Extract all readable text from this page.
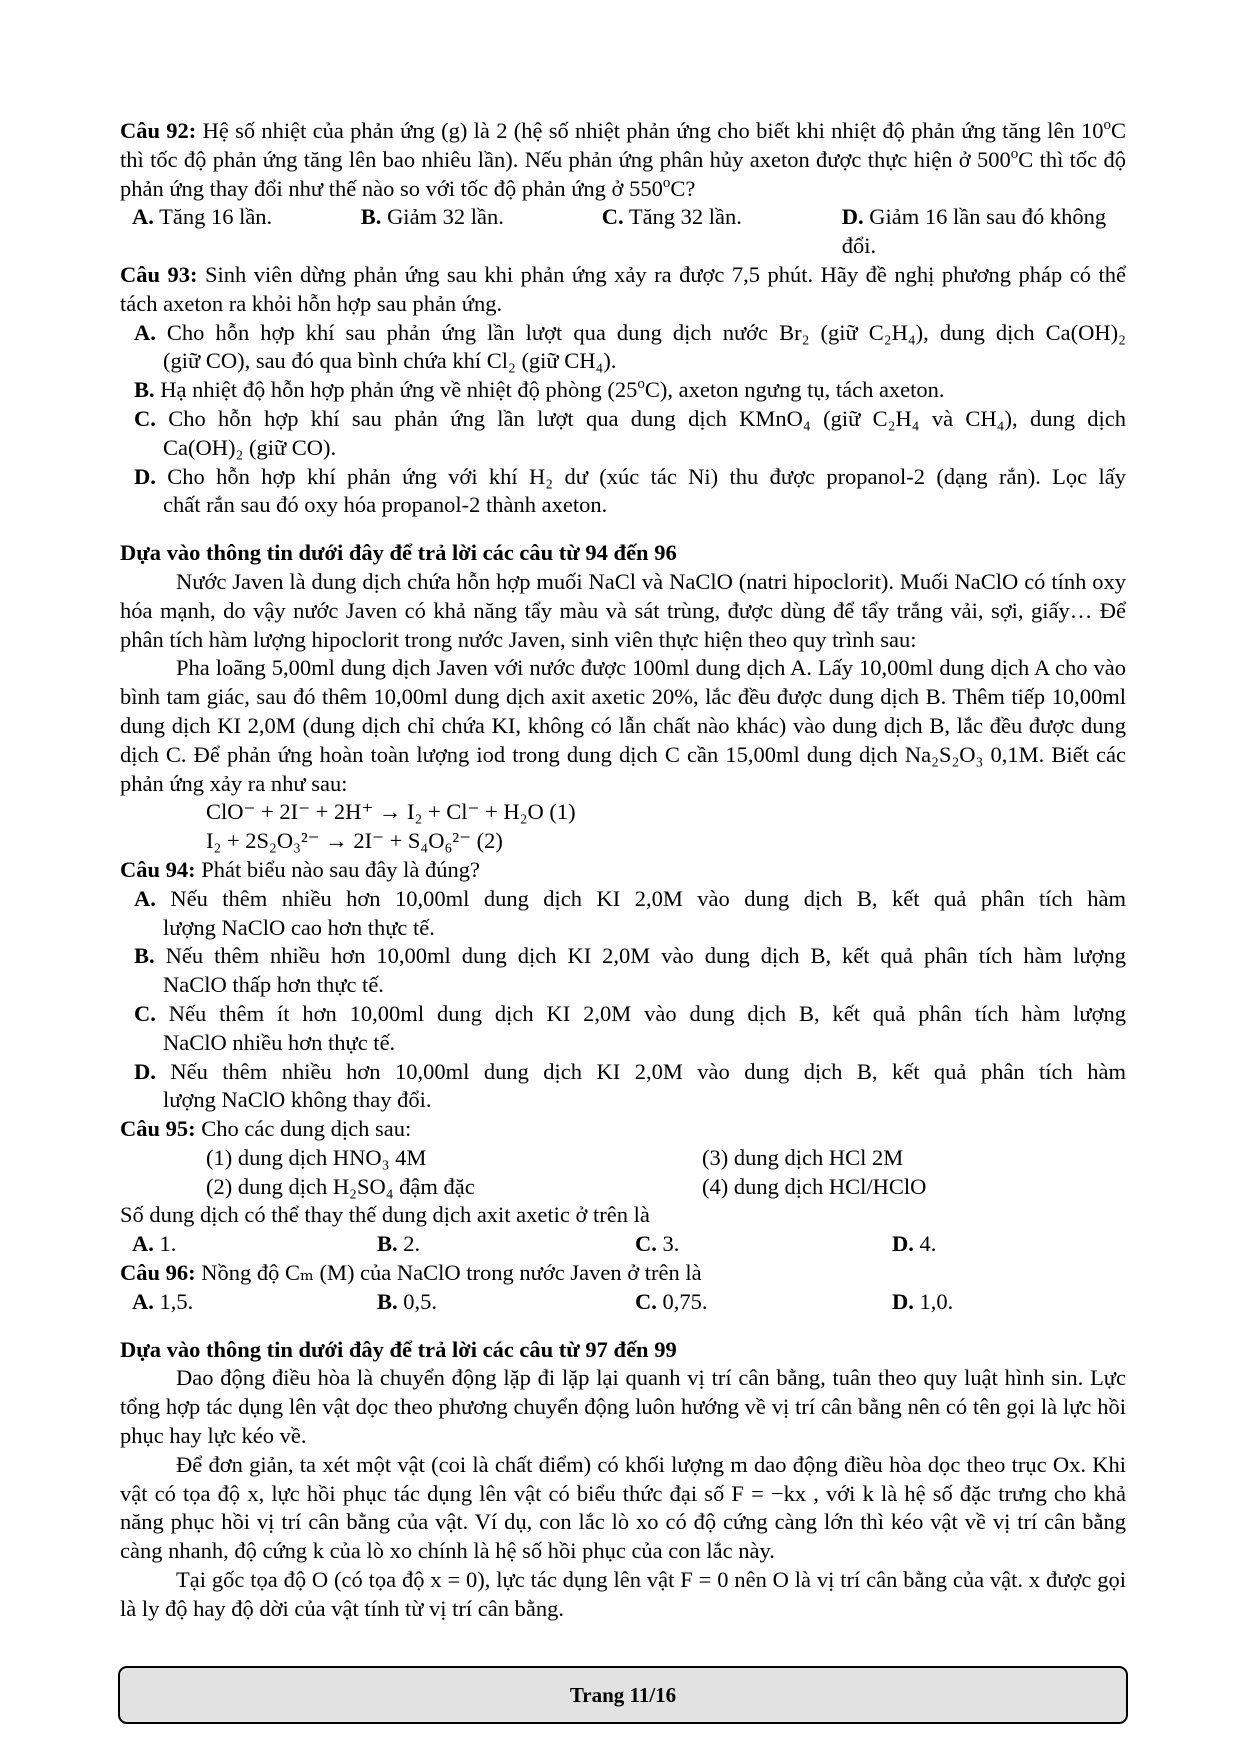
Câu 92: Hệ số nhiệt của phản ứng (g) là 2 (hệ số nhiệt phản ứng cho biết khi nhiệt độ phản ứng tăng lên 10$^o$C thì tốc độ phản ứng tăng lên bao nhiêu lần). Nếu phản ứng phân hủy axeton được thực hiện ở 500$^o$C thì tốc độ phản ứng thay đổi như thế nào so với tốc độ phản ứng ở 550$^o$C?

A. Tăng 16 lần.	B. Giảm 32 lần.	C. Tăng 32 lần.	D. Giảm 16 lần sau đó không đổi.

Câu 93: Sinh viên dừng phản ứng sau khi phản ứng xảy ra được 7,5 phút. Hãy đề nghị phương pháp có thể tách axeton ra khỏi hỗn hợp sau phản ứng.

A. Cho hỗn hợp khí sau phản ứng lần lượt qua dung dịch nước Br₂ (giữ C₂H₄), dung dịch Ca(OH)₂

(giữ CO), sau đó qua bình chứa khí Cl₂ (giữ CH₄).

B. Hạ nhiệt độ hỗn hợp phản ứng về nhiệt độ phòng (25$^o$C), axeton ngưng tụ, tách axeton.

C. Cho hỗn hợp khí sau phản ứng lần lượt qua dung dịch KMnO₄ (giữ C₂H₄ và CH₄), dung dịch

Ca(OH)₂ (giữ CO).

D. Cho hỗn hợp khí phản ứng với khí H₂ dư (xúc tác Ni) thu được propanol-2 (dạng rắn). Lọc lấy

chất rắn sau đó oxy hóa propanol-2 thành axeton.

Dựa vào thông tin dưới đây để trả lời các câu từ 94 đến 96

Nước Javen là dung dịch chứa hỗn hợp muối NaCl và NaClO (natri hipoclorit). Muối NaClO có tính oxy hóa mạnh, do vậy nước Javen có khả năng tẩy màu và sát trùng, được dùng để tẩy trắng vải, sợi, giấy… Để phân tích hàm lượng hipoclorit trong nước Javen, sinh viên thực hiện theo quy trình sau:

Pha loãng 5,00ml dung dịch Javen với nước được 100ml dung dịch A. Lấy 10,00ml dung dịch A cho vào bình tam giác, sau đó thêm 10,00ml dung dịch axit axetic 20%, lắc đều được dung dịch B. Thêm tiếp 10,00ml dung dịch KI 2,0M (dung dịch chỉ chứa KI, không có lẫn chất nào khác) vào dung dịch B, lắc đều được dung dịch C. Để phản ứng hoàn toàn lượng iod trong dung dịch C cần 15,00ml dung dịch Na₂S₂O₃ 0,1M. Biết các phản ứng xảy ra như sau:

ClO⁻ + 2I⁻ + 2H⁺ → I₂ + Cl⁻ + H₂O (1)

I₂ + 2S₂O₃²⁻ → 2I⁻ + S₄O₆²⁻ (2)

Câu 94: Phát biểu nào sau đây là đúng?

A. Nếu thêm nhiều hơn 10,00ml dung dịch KI 2,0M vào dung dịch B, kết quả phân tích hàm

lượng NaClO cao hơn thực tế.

B. Nếu thêm nhiều hơn 10,00ml dung dịch KI 2,0M vào dung dịch B, kết quả phân tích hàm lượng

NaClO thấp hơn thực tế.

C. Nếu thêm ít hơn 10,00ml dung dịch KI 2,0M vào dung dịch B, kết quả phân tích hàm lượng

NaClO nhiều hơn thực tế.

D. Nếu thêm nhiều hơn 10,00ml dung dịch KI 2,0M vào dung dịch B, kết quả phân tích hàm

lượng NaClO không thay đổi.

Câu 95: Cho các dung dịch sau:

(1) dung dịch HNO₃ 4M	(3) dung dịch HCl 2M

(2) dung dịch H₂SO₄ đậm đặc	(4) dung dịch HCl/HClO

Số dung dịch có thể thay thế dung dịch axit axetic ở trên là

A. 1.	B. 2.	C. 3.	D. 4.

Câu 96: Nồng độ Cₘ (M) của NaClO trong nước Javen ở trên là

A. 1,5.	B. 0,5.	C. 0,75.	D. 1,0.

Dựa vào thông tin dưới đây để trả lời các câu từ 97 đến 99

Dao động điều hòa là chuyển động lặp đi lặp lại quanh vị trí cân bằng, tuân theo quy luật hình sin. Lực tổng hợp tác dụng lên vật dọc theo phương chuyển động luôn hướng về vị trí cân bằng nên có tên gọi là lực hồi phục hay lực kéo về.

Để đơn giản, ta xét một vật (coi là chất điểm) có khối lượng m dao động điều hòa dọc theo trục Ox. Khi vật có tọa độ x, lực hồi phục tác dụng lên vật có biểu thức đại số F = −kx , với k là hệ số đặc trưng cho khả năng phục hồi vị trí cân bằng của vật. Ví dụ, con lắc lò xo có độ cứng càng lớn thì kéo vật về vị trí cân bằng càng nhanh, độ cứng k của lò xo chính là hệ số hồi phục của con lắc này.

Tại gốc tọa độ O (có tọa độ x = 0), lực tác dụng lên vật F = 0 nên O là vị trí cân bằng của vật. x được gọi là ly độ hay độ dời của vật tính từ vị trí cân bằng.

Trang 11/16
